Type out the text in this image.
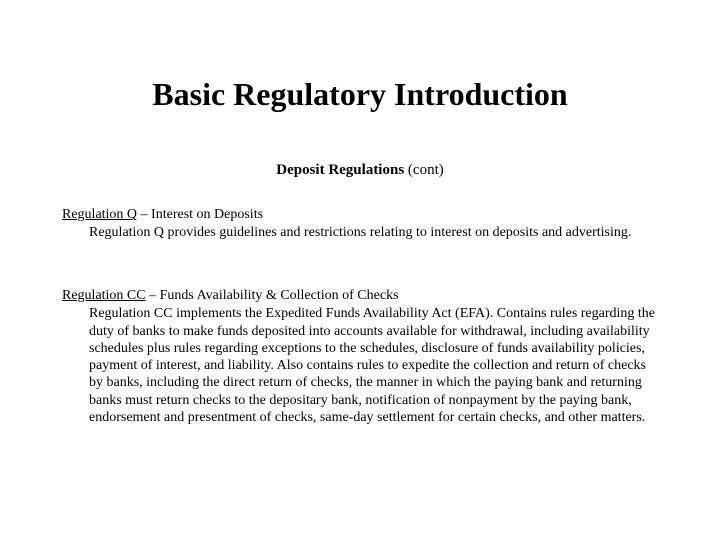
Basic Regulatory Introduction
Deposit Regulations (cont)
Regulation Q – Interest on Deposits
Regulation Q provides guidelines and restrictions relating to interest on deposits and advertising.
Regulation CC – Funds Availability & Collection of Checks
Regulation CC implements the Expedited Funds Availability Act (EFA). Contains rules regarding the duty of banks to make funds deposited into accounts available for withdrawal, including availability schedules plus rules regarding exceptions to the schedules, disclosure of funds availability policies, payment of interest, and liability. Also contains rules to expedite the collection and return of checks by banks, including the direct return of checks, the manner in which the paying bank and returning banks must return checks to the depositary bank, notification of nonpayment by the paying bank, endorsement and presentment of checks, same-day settlement for certain checks, and other matters.
